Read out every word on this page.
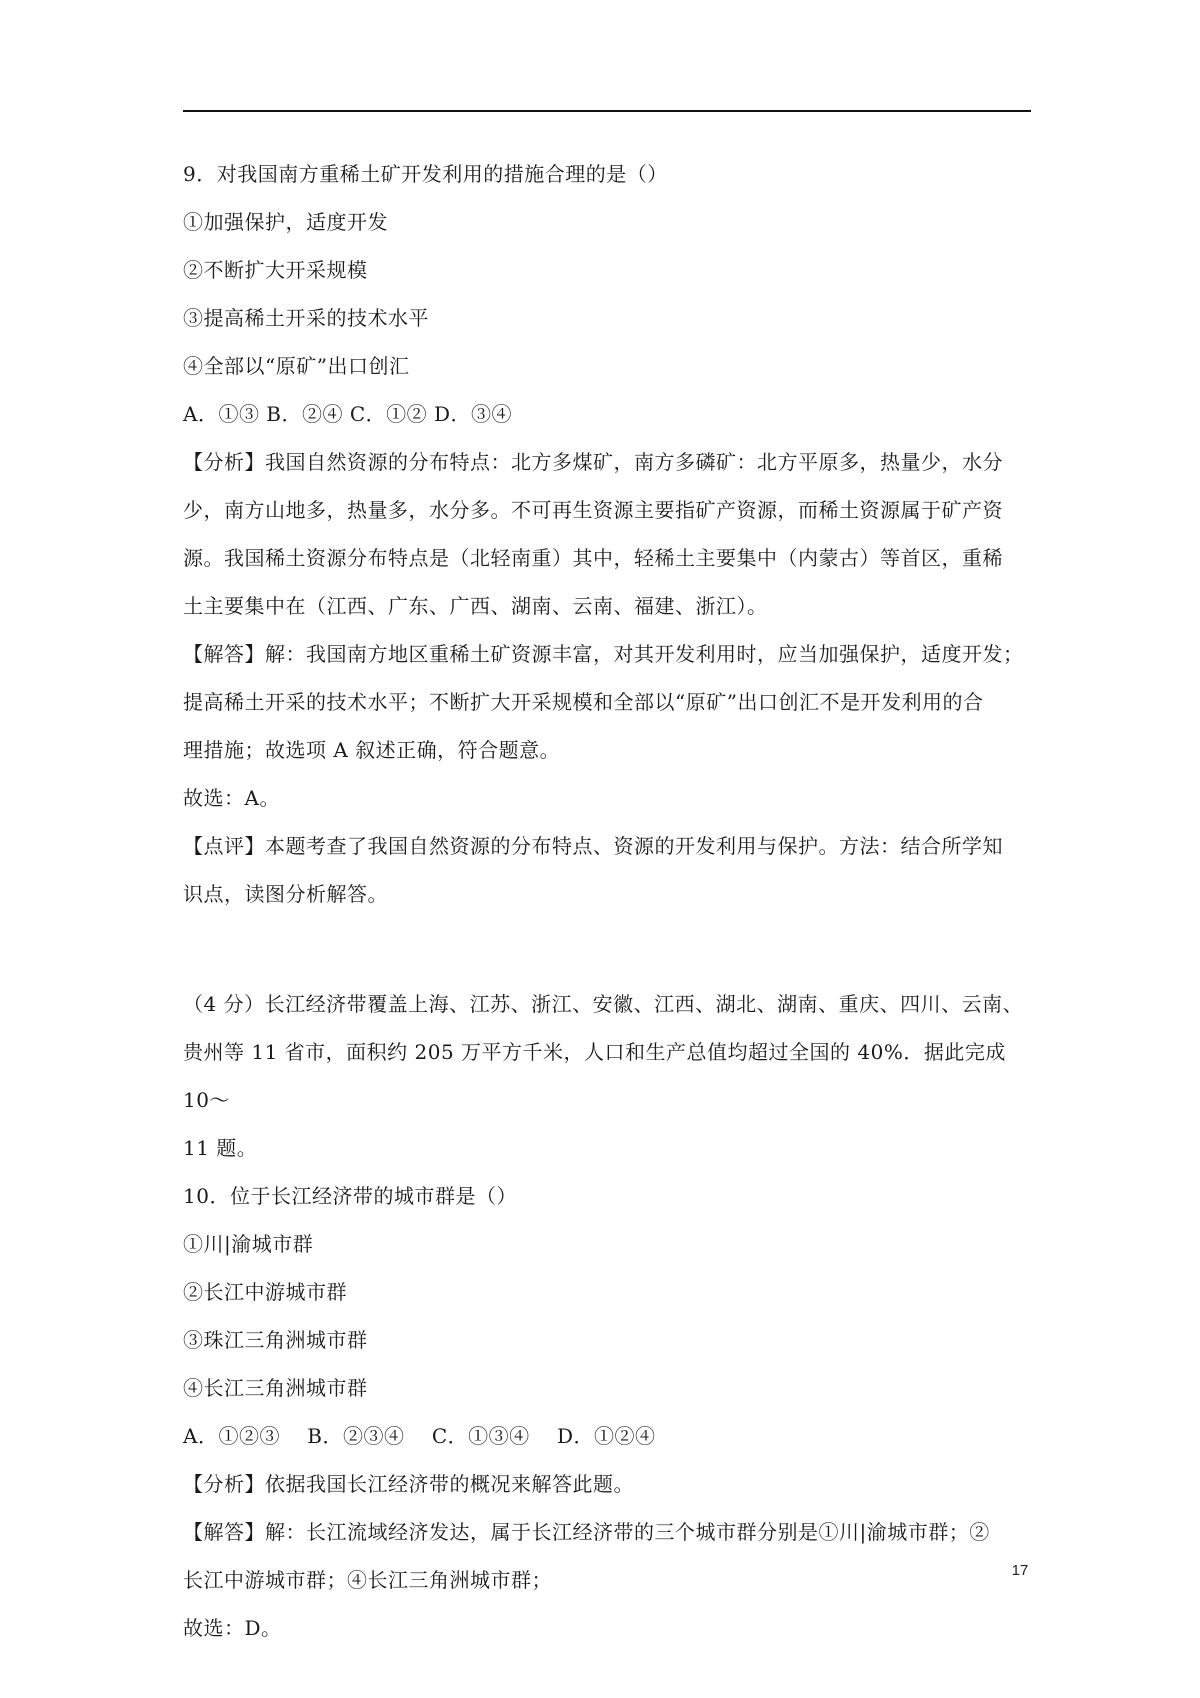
9．对我国南方重稀土矿开发利用的措施合理的是（）

①加强保护，适度开发

②不断扩大开采规模

③提高稀土开采的技术水平

④全部以“原矿”出口创汇

A．①③ B．②④ C．①② D．③④

【分析】我国自然资源的分布特点：北方多煤矿，南方多磷矿：北方平原多，热量少，水分

少，南方山地多，热量多，水分多。不可再生资源主要指矿产资源，而稀土资源属于矿产资

源。我国稀土资源分布特点是（北轻南重）其中，轻稀土主要集中（内蒙古）等首区，重稀

土主要集中在（江西、广东、广西、湖南、云南、福建、浙江）。

【解答】解：我国南方地区重稀土矿资源丰富，对其开发利用时，应当加强保护，适度开发；

提高稀土开采的技术水平；不断扩大开采规模和全部以“原矿”出口创汇不是开发利用的合

理措施；故选项 A 叙述正确，符合题意。

故选：A。

【点评】本题考查了我国自然资源的分布特点、资源的开发利用与保护。方法：结合所学知

识点，读图分析解答。

（4 分）长江经济带覆盖上海、江苏、浙江、安徽、江西、湖北、湖南、重庆、四川、云南、

贵州等 11 省市，面积约 205 万平方千米，人口和生产总值均超过全国的 40%．据此完成 10～

11 题。

10．位于长江经济带的城市群是（）

①川|渝城市群

②长江中游城市群

③珠江三角洲城市群

④长江三角洲城市群

A．①②③　 B．②③④　 C．①③④　 D．①②④

【分析】依据我国长江经济带的概况来解答此题。

【解答】解：长江流域经济发达，属于长江经济带的三个城市群分别是①川|渝城市群；②

长江中游城市群；④长江三角洲城市群；

故选：D。

17
